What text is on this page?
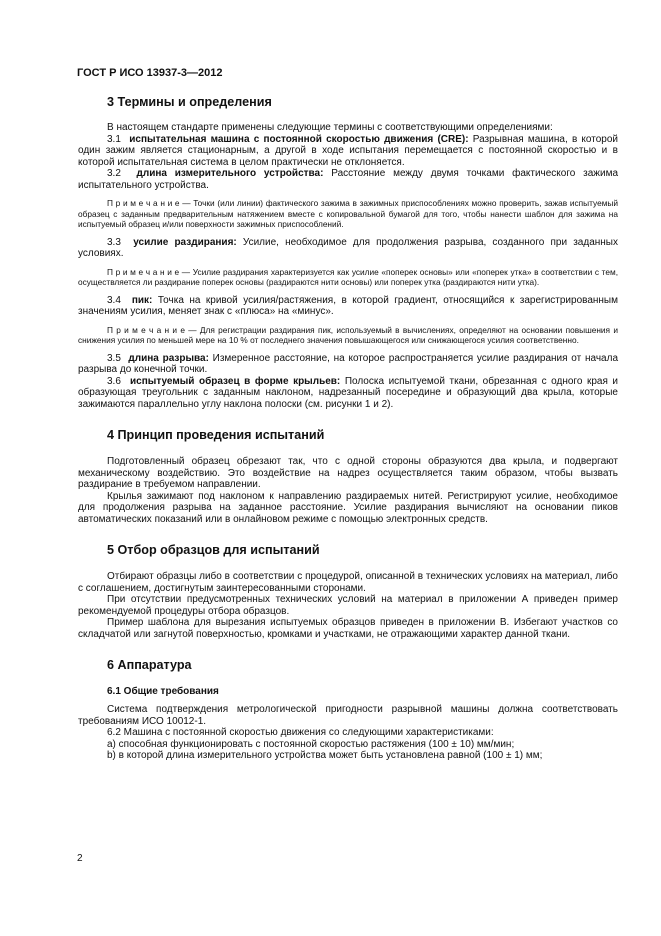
ГОСТ Р ИСО 13937-3—2012
3 Термины и определения

В настоящем стандарте применены следующие термины с соответствующими определениями:

3.1 испытательная машина с постоянной скоростью движения (CRE): Разрывная машина, в которой один зажим является стационарным, а другой в ходе испытания перемещается с постоянной скоростью и в которой испытательная система в целом практически не отклоняется.

3.2 длина измерительного устройства: Расстояние между двумя точками фактического зажима испытательного устройства.

П р и м е ч а н и е — Точки (или линии) фактического зажима в зажимных приспособлениях можно проверить, зажав испытуемый образец с заданным предварительным натяжением вместе с копировальной бумагой для того, чтобы нанести шаблон для зажима на испытуемый образец и/или поверхности зажимных приспособлений.

3.3 усилие раздирания: Усилие, необходимое для продолжения разрыва, созданного при заданных условиях.

П р и м е ч а н и е — Усилие раздирания характеризуется как усилие «поперек основы» или «поперек утка» в соответствии с тем, осуществляется ли раздирание поперек основы (раздираются нити основы) или поперек утка (раздираются нити утка).

3.4 пик: Точка на кривой усилия/растяжения, в которой градиент, относящийся к зарегистрированным значениям усилия, меняет знак с «плюса» на «минус».

П р и м е ч а н и е — Для регистрации раздирания пик, используемый в вычислениях, определяют на основании повышения и снижения усилия по меньшей мере на 10 % от последнего значения повышающегося или снижающегося усилия соответственно.

3.5 длина разрыва: Измеренное расстояние, на которое распространяется усилие раздирания от начала разрыва до конечной точки.

3.6 испытуемый образец в форме крыльев: Полоска испытуемой ткани, обрезанная с одного края и образующая треугольник с заданным наклоном, надрезанный посередине и образующий два крыла, которые зажимаются параллельно углу наклона полоски (см. рисунки 1 и 2).

4 Принцип проведения испытаний

Подготовленный образец обрезают так, что с одной стороны образуются два крыла, и подвергают механическому воздействию. Это воздействие на надрез осуществляется таким образом, чтобы вызвать раздирание в требуемом направлении.

Крылья зажимают под наклоном к направлению раздираемых нитей. Регистрируют усилие, необходимое для продолжения разрыва на заданное расстояние. Усилие раздирания вычисляют на основании пиков автоматических показаний или в онлайновом режиме с помощью электронных средств.

5 Отбор образцов для испытаний

Отбирают образцы либо в соответствии с процедурой, описанной в технических условиях на материал, либо с соглашением, достигнутым заинтересованными сторонами.

При отсутствии предусмотренных технических условий на материал в приложении А приведен пример рекомендуемой процедуры отбора образцов.

Пример шаблона для вырезания испытуемых образцов приведен в приложении В. Избегают участков со складчатой или загнутой поверхностью, кромками и участками, не отражающими характер данной ткани.

6 Аппаратура
6.1 Общие требования

Система подтверждения метрологической пригодности разрывной машины должна соответствовать требованиям ИСО 10012-1.

6.2 Машина с постоянной скоростью движения со следующими характеристиками:

а) способная функционировать с постоянной скоростью растяжения (100 ± 10) мм/мин;

b) в которой длина измерительного устройства может быть установлена равной (100 ± 1) мм;

2
